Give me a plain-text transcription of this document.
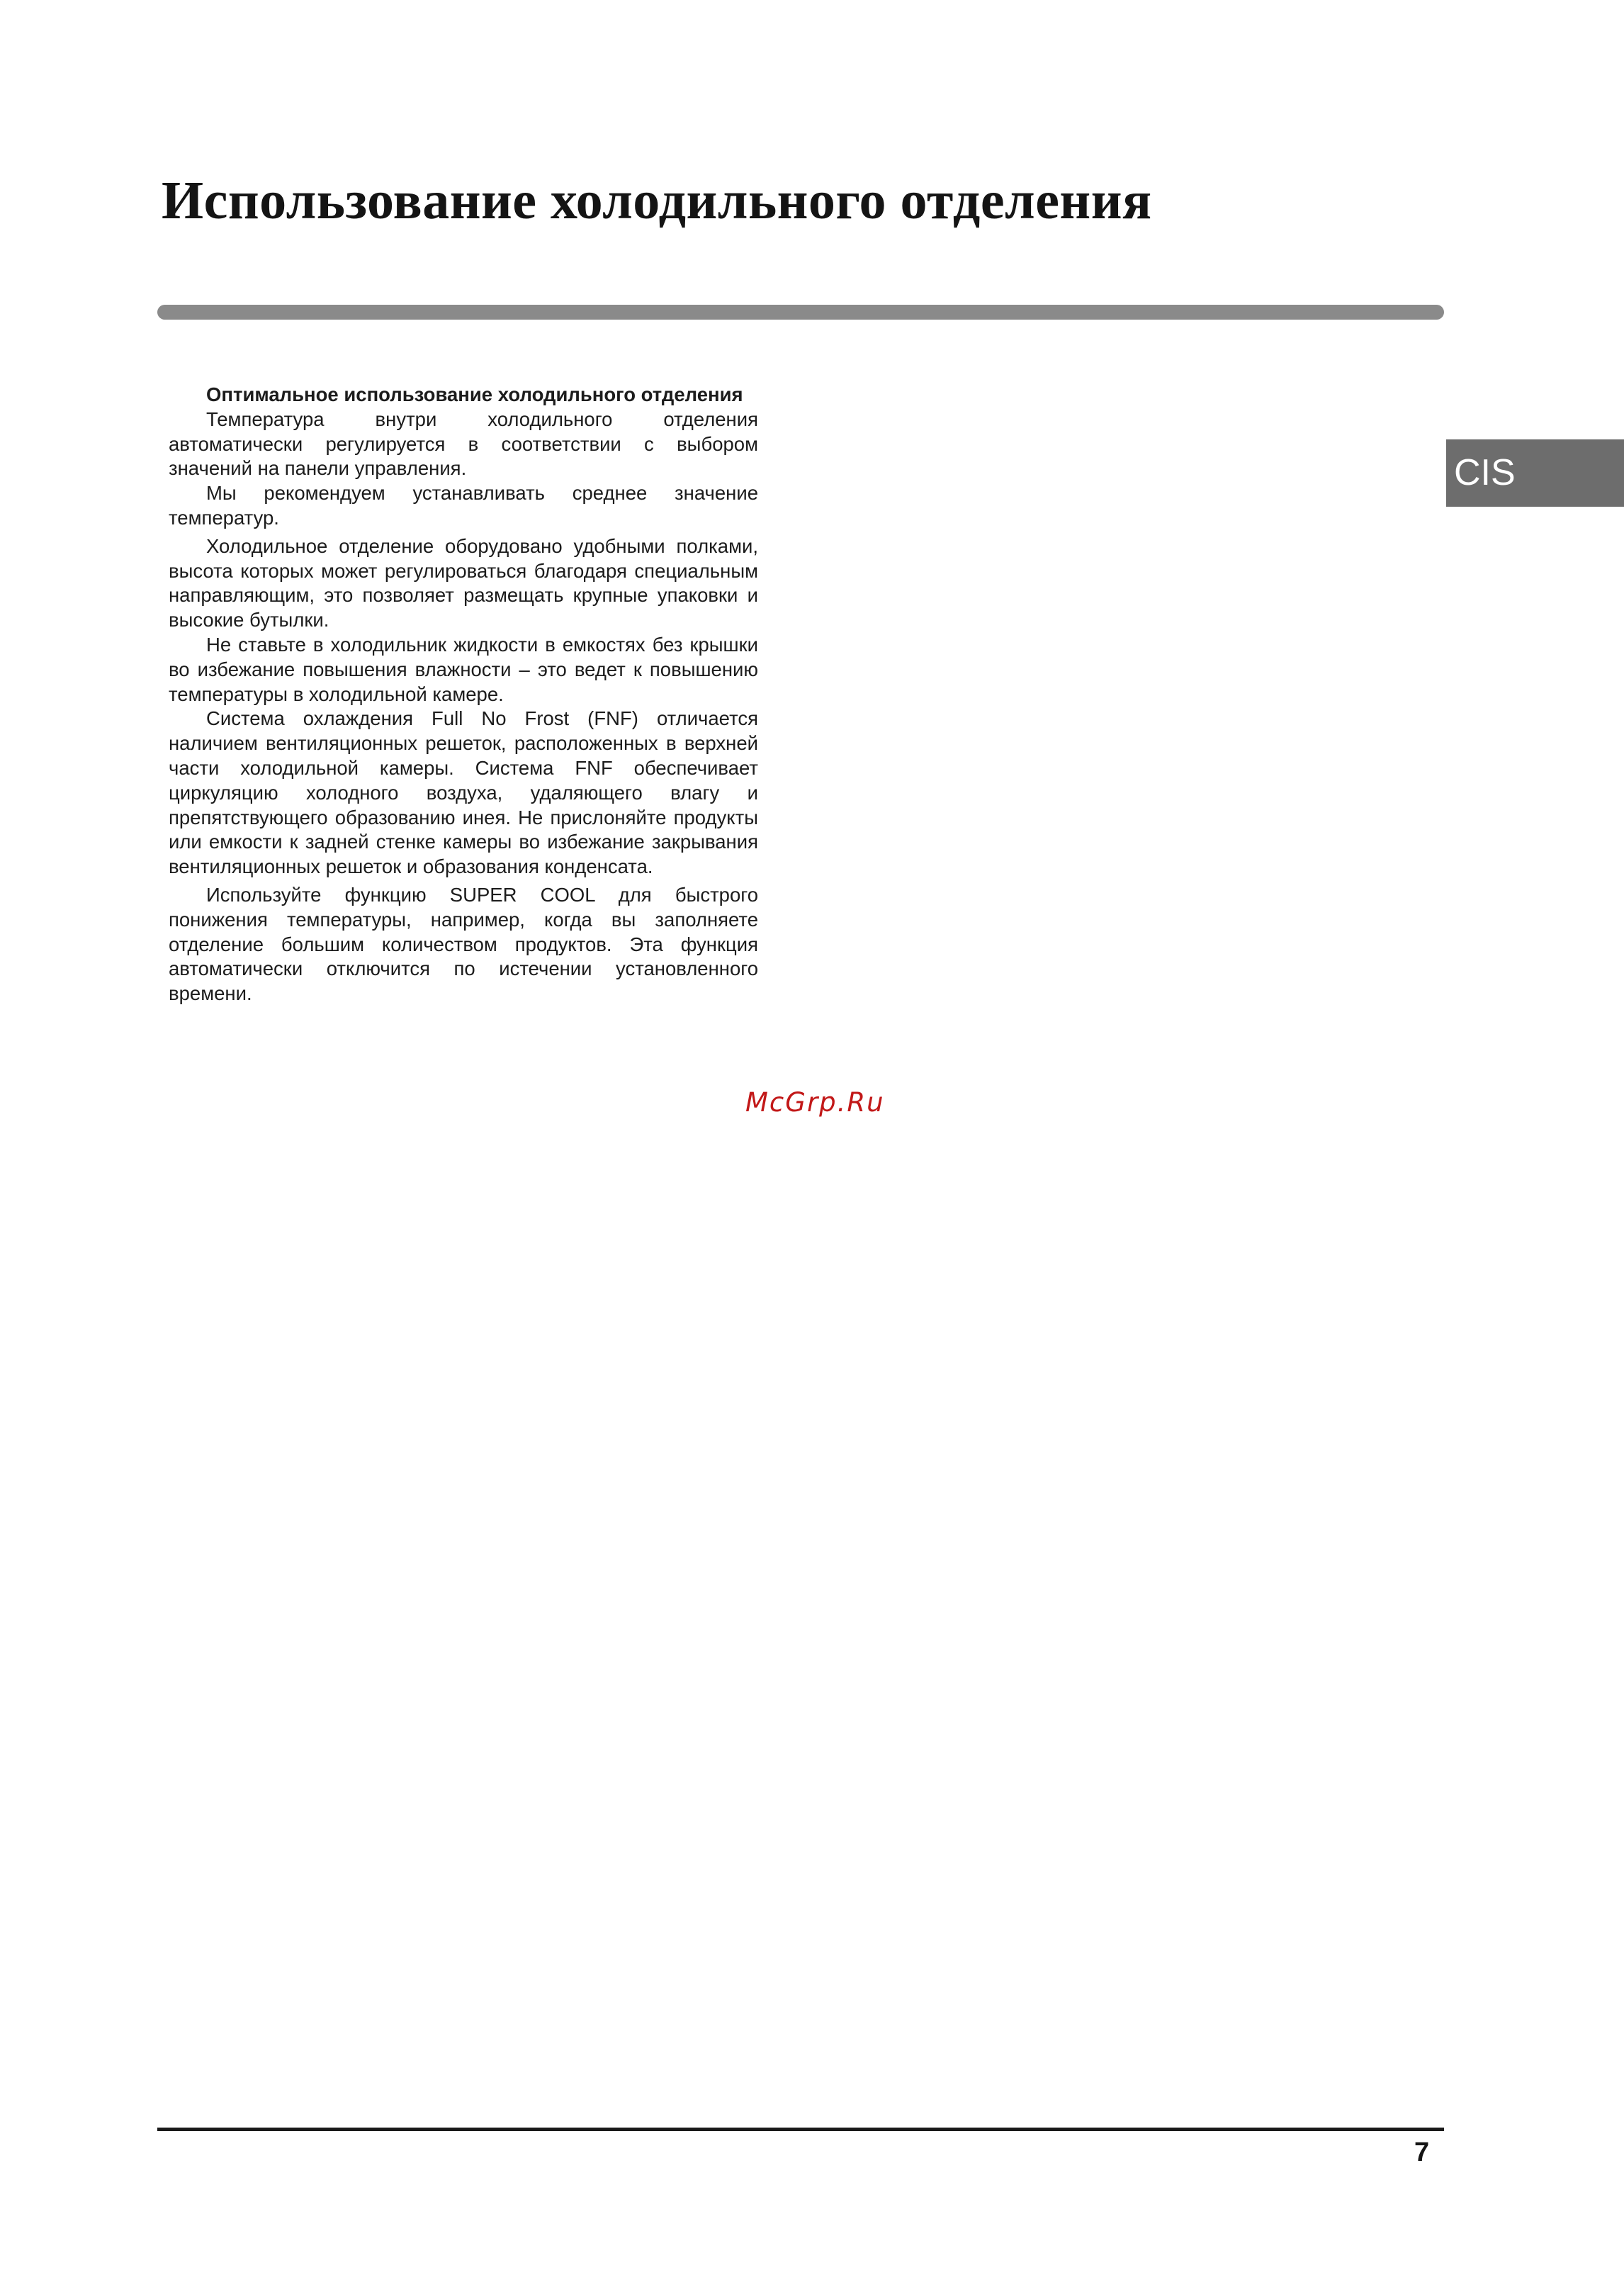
Использование холодильного отделения
CIS

Оптимальное использование холодильного отделения

Температура внутри холодильного отделения автоматически регулируется в соответствии с выбором значений на панели управления.

Мы рекомендуем устанавливать среднее значение температур.

Холодильное отделение оборудовано удобными полками, высота которых может регулироваться благодаря специальным направляющим, это позволяет размещать крупные упаковки и высокие бутылки.

Не ставьте в холодильник жидкости в емкостях без крышки во избежание повышения влажности – это ведет к повышению температуры в холодильной камере.

Система охлаждения Full No Frost (FNF) отличается наличием вентиляционных решеток, расположенных в верхней части холодильной камеры. Система FNF обеспечивает циркуляцию холодного воздуха, удаляющего влагу и препятствующего образованию инея. Не прислоняйте продукты или емкости к задней стенке камеры во избежание закрывания вентиляционных решеток и образования конденсата.

Используйте функцию SUPER COOL для быстрого понижения температуры, например, когда вы заполняете отделение большим количеством продуктов. Эта функция автоматически отключится по истечении установленного времени.

McGrp.Ru
7
